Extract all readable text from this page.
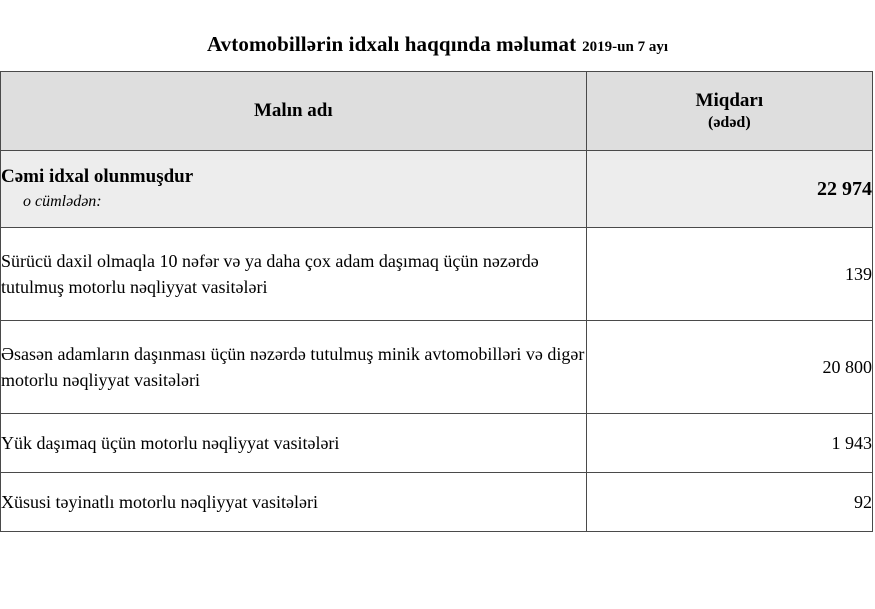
Avtomobillərin idxalı haqqında məlumat 2019-un 7 ayı
Malın adı	Miqdarı
(ədəd)

Cəmi idxal olunmuşdur
o cümlədən:	22 974
Sürücü daxil olmaqla 10 nəfər və ya daha çox adam daşımaq üçün nəzərdə tutulmuş motorlu nəqliyyat vasitələri	139
Əsasən adamların daşınması üçün nəzərdə tutulmuş minik avtomobilləri və digər motorlu nəqliyyat vasitələri	20 800
Yük daşımaq üçün motorlu nəqliyyat vasitələri	1 943
Xüsusi təyinatlı motorlu nəqliyyat vasitələri	92
